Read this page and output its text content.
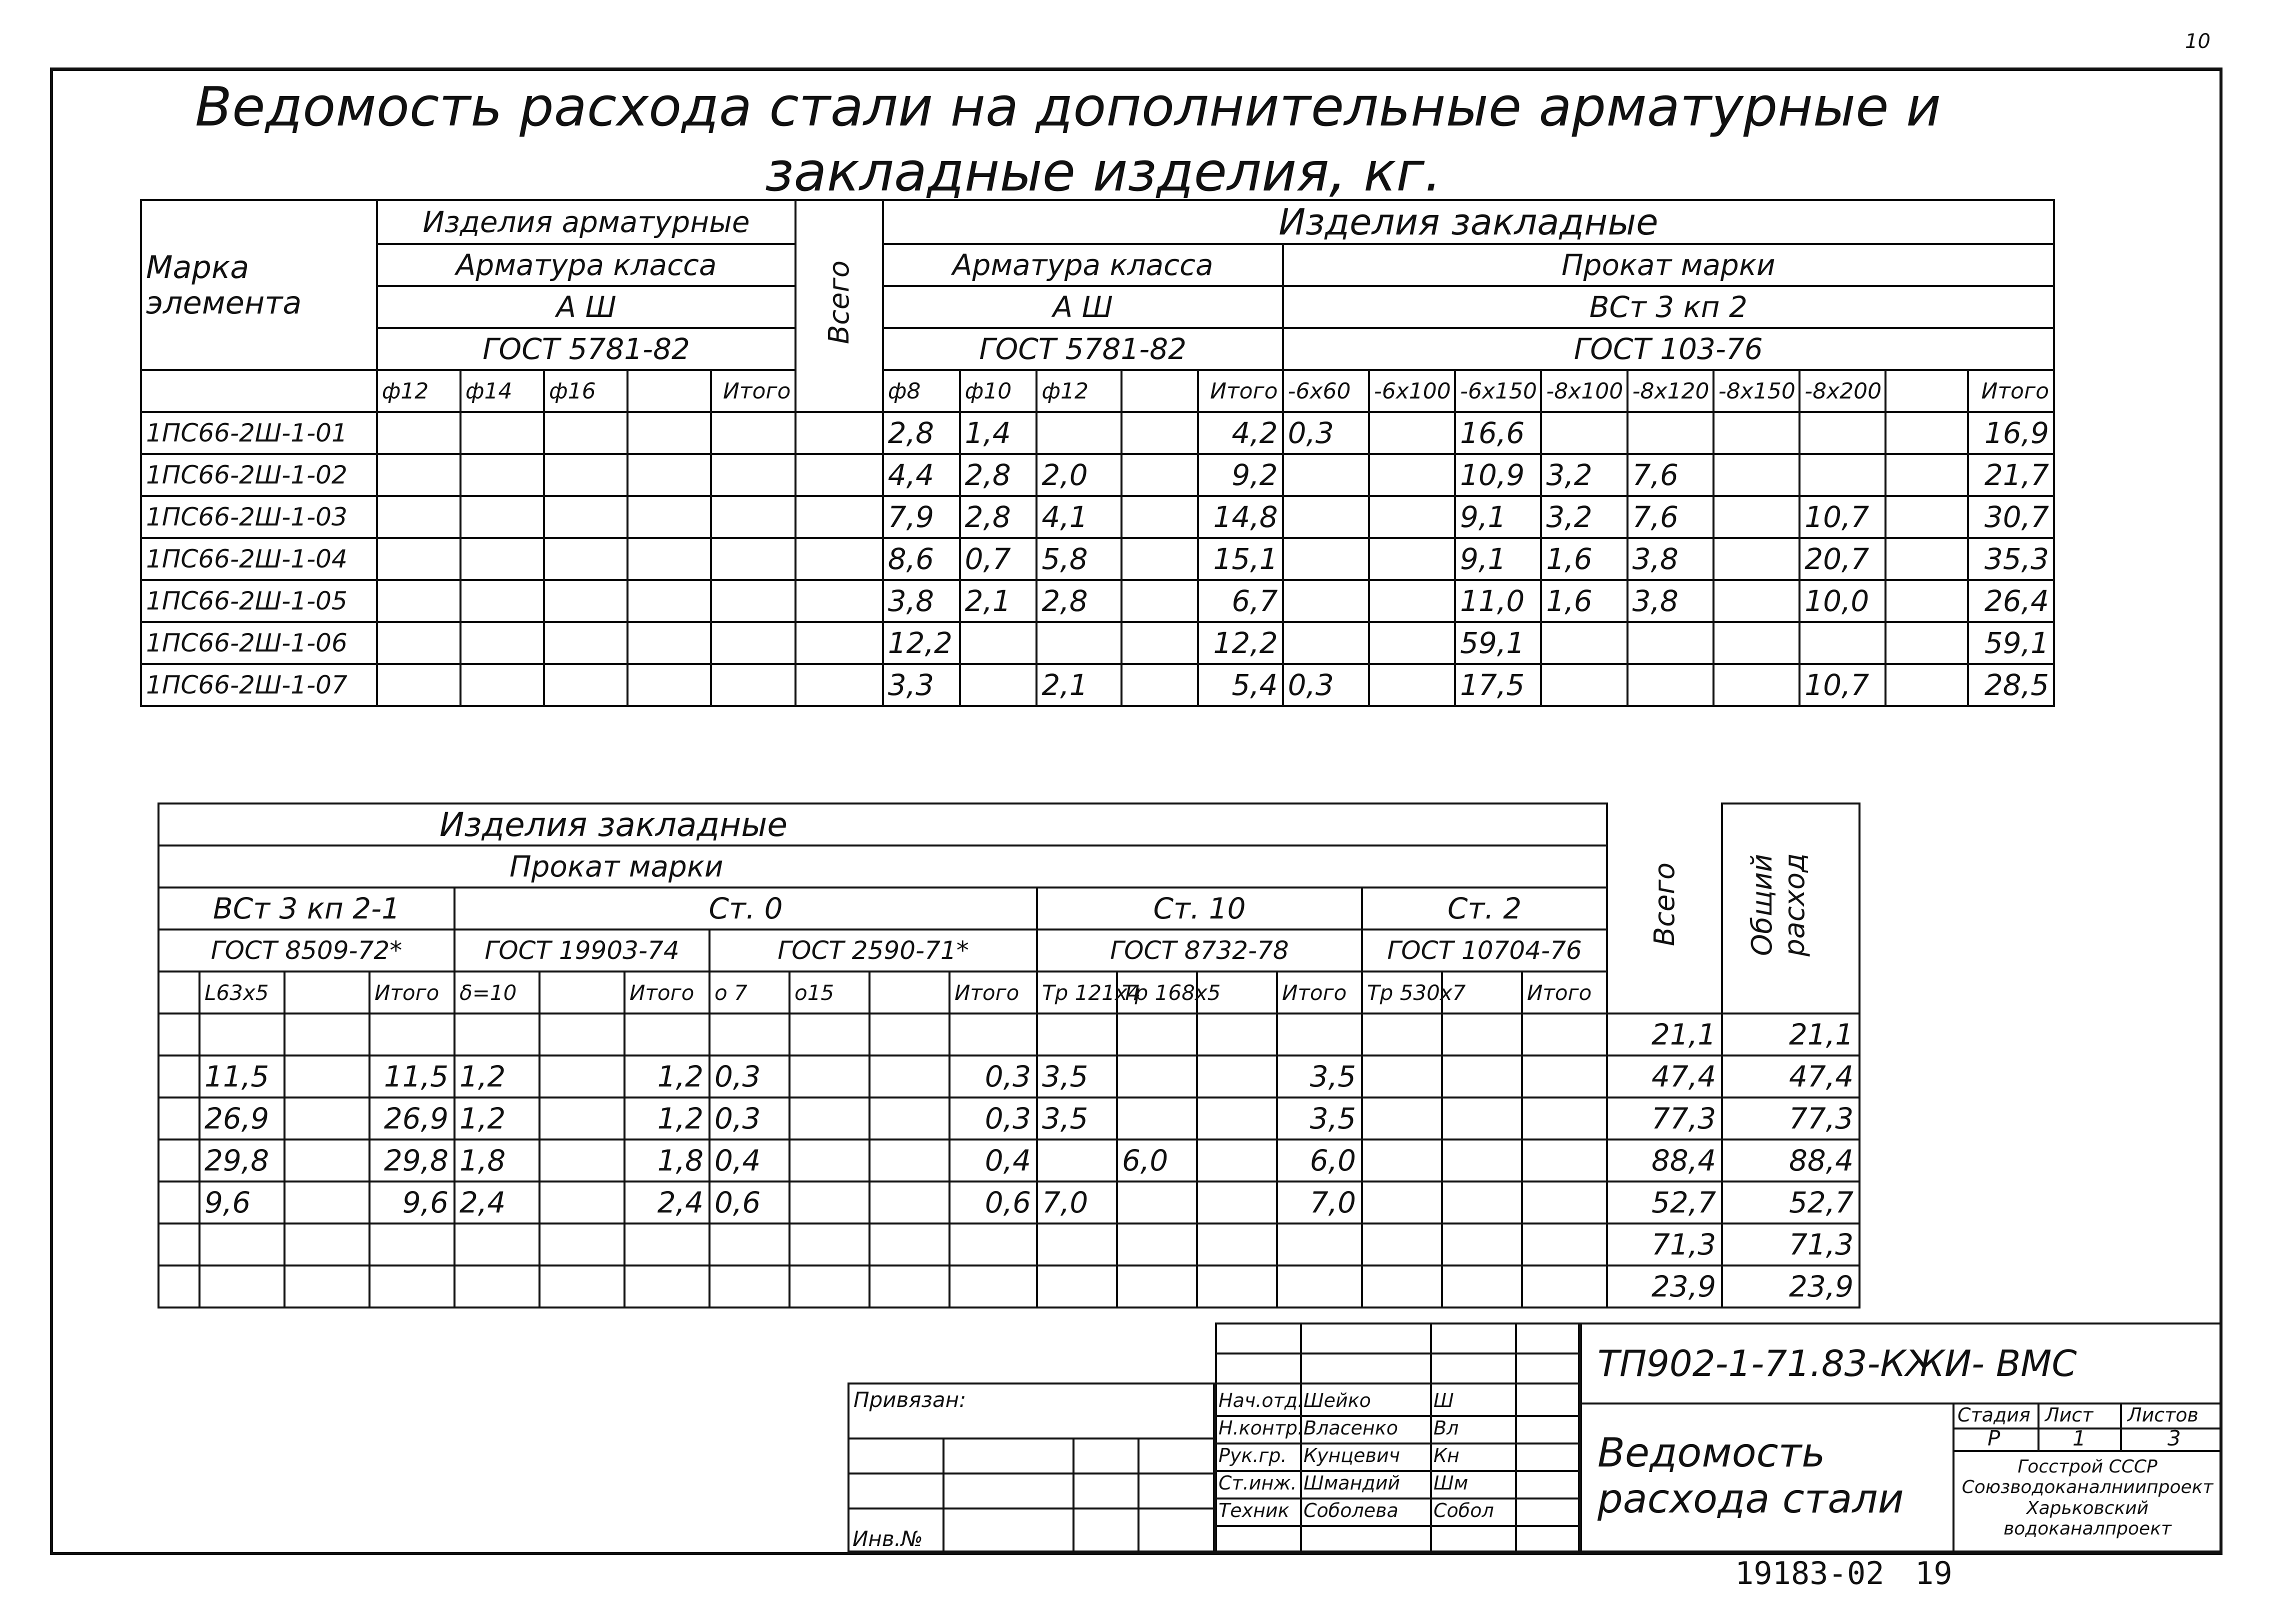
10
Ведомость расхода стали на дополнительные арматурные и
закладные изделия, кг.
Марка элемента	Изделия арматурные					Всего	Изделия закладные													
	Арматура класса						Арматура класса					Прокат марки								
	А Ш						А Ш					ВСт 3 кп 2								
	ГОСТ 5781-82						ГОСТ 5781-82					ГОСТ 103-76								
	ф12	ф14	ф16		Итого		ф8	ф10	ф12		Итого	-6х60	-6х100	-6х150	-8х100	-8х120	-8х150	-8х200		Итого
1ПС66-2Ш-1-01							2,8	1,4			4,2	0,3		16,6						16,9
1ПС66-2Ш-1-02							4,4	2,8	2,0		9,2			10,9	3,2	7,6				21,7
1ПС66-2Ш-1-03							7,9	2,8	4,1		14,8			9,1	3,2	7,6		10,7		30,7
1ПС66-2Ш-1-04							8,6	0,7	5,8		15,1			9,1	1,6	3,8		20,7		35,3
1ПС66-2Ш-1-05							3,8	2,1	2,8		6,7			11,0	1,6	3,8		10,0		26,4
1ПС66-2Ш-1-06							12,2				12,2			59,1						59,1
1ПС66-2Ш-1-07							3,3		2,1		5,4	0,3		17,5				10,7		28,5
Изделия закладные																		Всего	Общий расход
Прокат марки																			
ВСт 3 кп 2-1				Ст. 0							Ст. 10				Ст. 2				
ГОСТ 8509-72*				ГОСТ 19903-74			ГОСТ 2590-71*				ГОСТ 8732-78				ГОСТ 10704-76				
	L63х5		Итого	δ=10		Итого	о 7	о15		Итого	Тр 121х4	Тр 168х5		Итого	Тр 530х7		Итого		
																		21,1	21,1
	11,5		11,5	1,2		1,2	0,3			0,3	3,5			3,5				47,4	47,4
	26,9		26,9	1,2		1,2	0,3			0,3	3,5			3,5				77,3	77,3
	29,8		29,8	1,8		1,8	0,4			0,4		6,0		6,0				88,4	88,4
	9,6		9,6	2,4		2,4	0,6			0,6	7,0			7,0				52,7	52,7
																		71,3	71,3
																		23,9	23,9
Привязан:
Инв.№
Нач.отд. Шейко	Ш
Н.контр. Власенко Вл
Рук.гр. Кунцевич Кн
Ст.инж. Шмандий Шм
Техник Соболева Собол
ТП902-1-71.83-КЖИ- ВМС
Ведомость расхода стали
Стадия Лист Листов
Р	1	3
Госстрой СССР Союзводоканалниипроект Харьковский водоканалпроект
19183-02 19
